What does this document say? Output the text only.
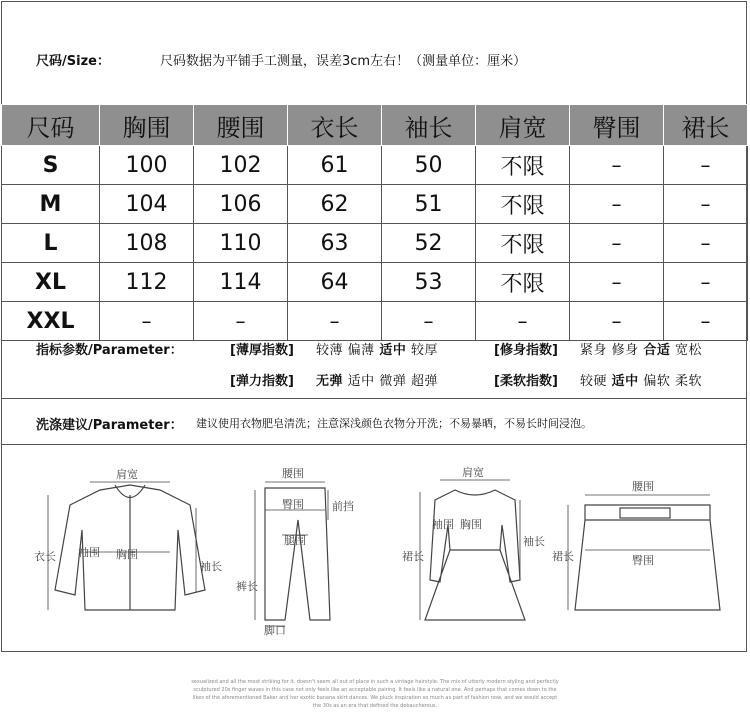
尺码/Size：	尺码数据为平铺手工测量，误差3cm左右！（测量单位：厘米）
尺码	胸围	腰围	衣长	袖长	肩宽	臀围	裙长
S	100	102	61	50	不限	–	–
M	104	106	62	51	不限	–	–
L	108	110	63	52	不限	–	–
XL	112	114	64	53	不限	–	–
XXL	–	–	–	–	–	–	–
指标参数/Parameter：	[薄厚指数] 较薄 偏薄 适中 较厚	[修身指数] 紧身 修身 合适 宽松
[弹力指数] 无弹 适中 微弹 超弹	[柔软指数] 较硬 适中 偏软 柔软
洗涤建议/Parameter： 建议使用衣物肥皂清洗；注意深浅颜色衣物分开洗；不易暴晒，不易长时间浸泡。
肩宽
衣长 袖围 胸围
袖长
腰围
前挡
臀围
腿围
裤长
脚口
肩宽
袖围 胸围
裙长
袖长
腰围
臀围
裙长
sexualized and all the most striking for it. doesn't seem all out of place in such a vintage hairstyle. The mix of utterly modern styling and perfectly sculptured 20s finger waves in this case not only feels like an acceptable pairing. It feels like a natural one. And perhaps that comes down to the likes of the aforementioned Baker and her exotic banana skirt dances. We pluck inspiration so much as part of fashion now, and we would accept the 30s as an era that defined the debaucherous.
